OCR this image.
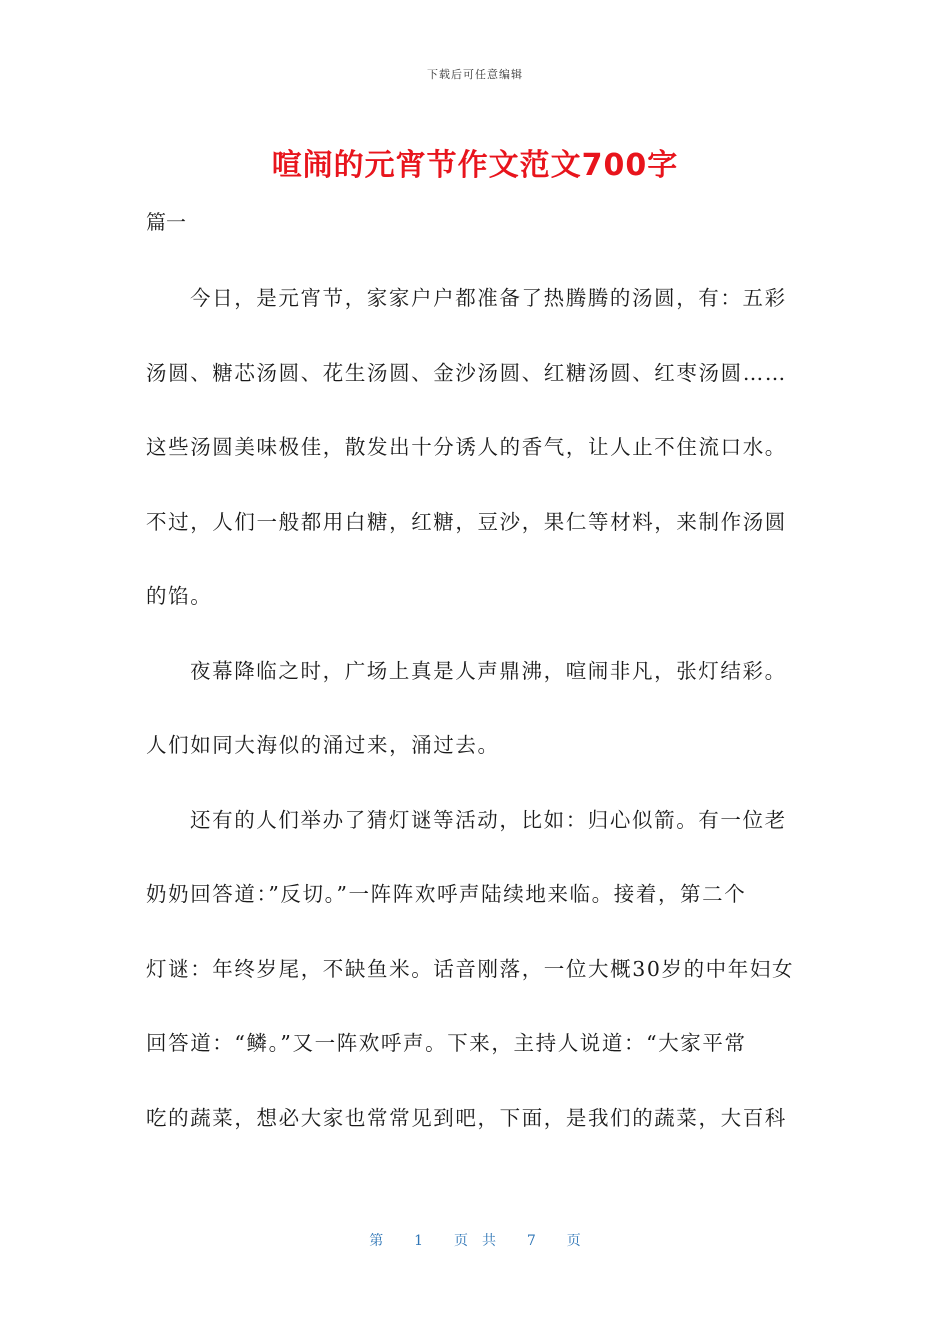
下载后可任意编辑
喧闹的元宵节作文范文700字
篇一
今日，是元宵节，家家户户都准备了热腾腾的汤圆，有：五彩
汤圆、糖芯汤圆、花生汤圆、金沙汤圆、红糖汤圆、红枣汤圆……
这些汤圆美味极佳，散发出十分诱人的香气，让人止不住流口水。
不过，人们一般都用白糖，红糖，豆沙，果仁等材料，来制作汤圆
的馅。
夜幕降临之时，广场上真是人声鼎沸，喧闹非凡，张灯结彩。
人们如同大海似的涌过来，涌过去。
还有的人们举办了猜灯谜等活动，比如：归心似箭。有一位老
奶奶回答道：”反切。”一阵阵欢呼声陆续地来临。接着，第二个
灯谜：年终岁尾，不缺鱼米。话音刚落，一位大概30岁的中年妇女
回答道：“鳞。”又一阵欢呼声。下来，主持人说道：“大家平常
吃的蔬菜，想必大家也常常见到吧，下面，是我们的蔬菜，大百科
第 1 页共 7 页
